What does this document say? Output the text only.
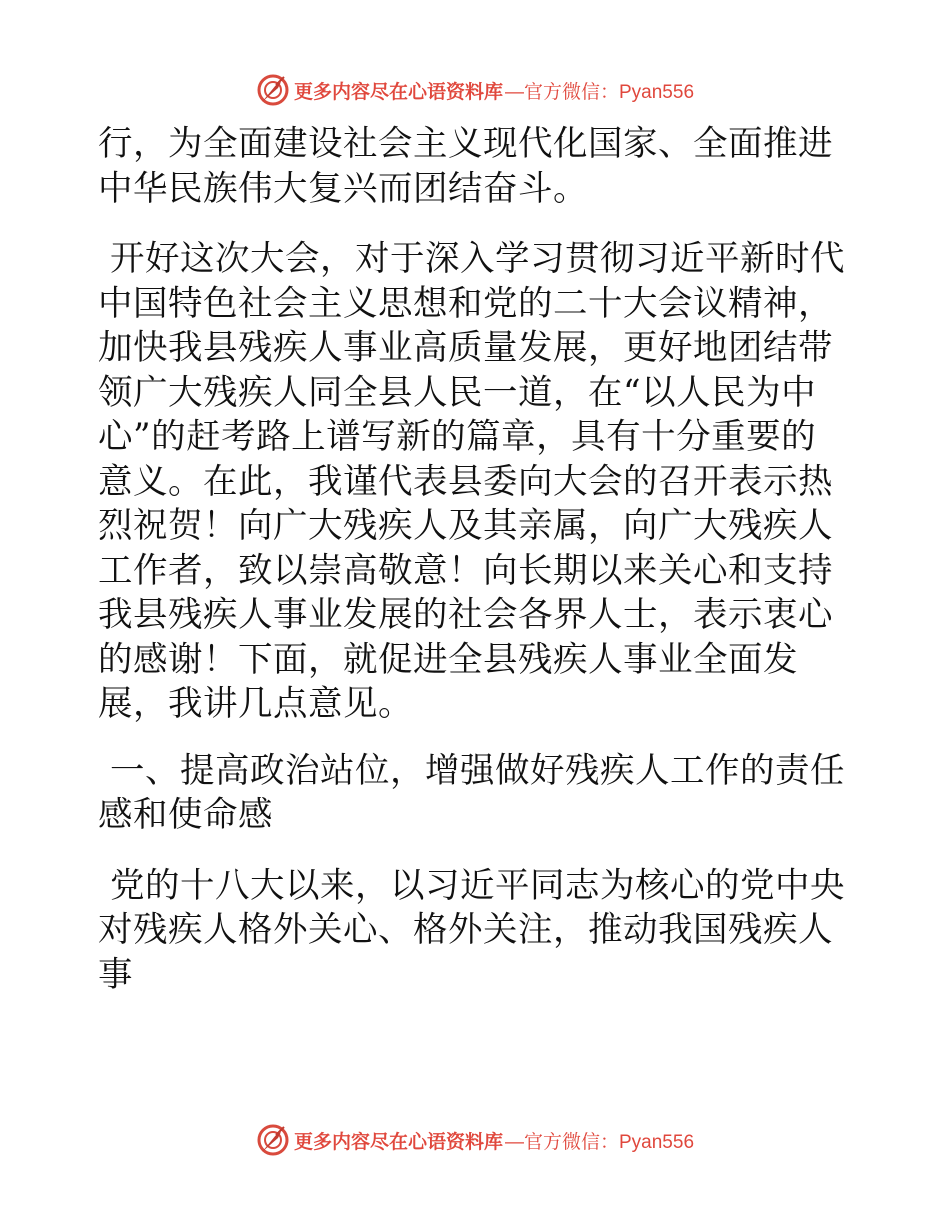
更多内容尽在心语资料库 —官方微信：Pyan556

行，为全面建设社会主义现代化国家、全面推进中华民族伟大复兴而团结奋斗。

开好这次大会，对于深入学习贯彻习近平新时代中国特色社会主义思想和党的二十大会议精神，加快我县残疾人事业高质量发展，更好地团结带领广大残疾人同全县人民一道，在“以人民为中心”的赶考路上谱写新的篇章，具有十分重要的意义。在此，我谨代表县委向大会的召开表示热烈祝贺！向广大残疾人及其亲属，向广大残疾人工作者，致以崇高敬意！向长期以来关心和支持我县残疾人事业发展的社会各界人士，表示衷心的感谢！下面，就促进全县残疾人事业全面发展，我讲几点意见。

一、提高政治站位，增强做好残疾人工作的责任感和使命感

党的十八大以来，以习近平同志为核心的党中央对残疾人格外关心、格外关注，推动我国残疾人事

更多内容尽在心语资料库 —官方微信：Pyan556
